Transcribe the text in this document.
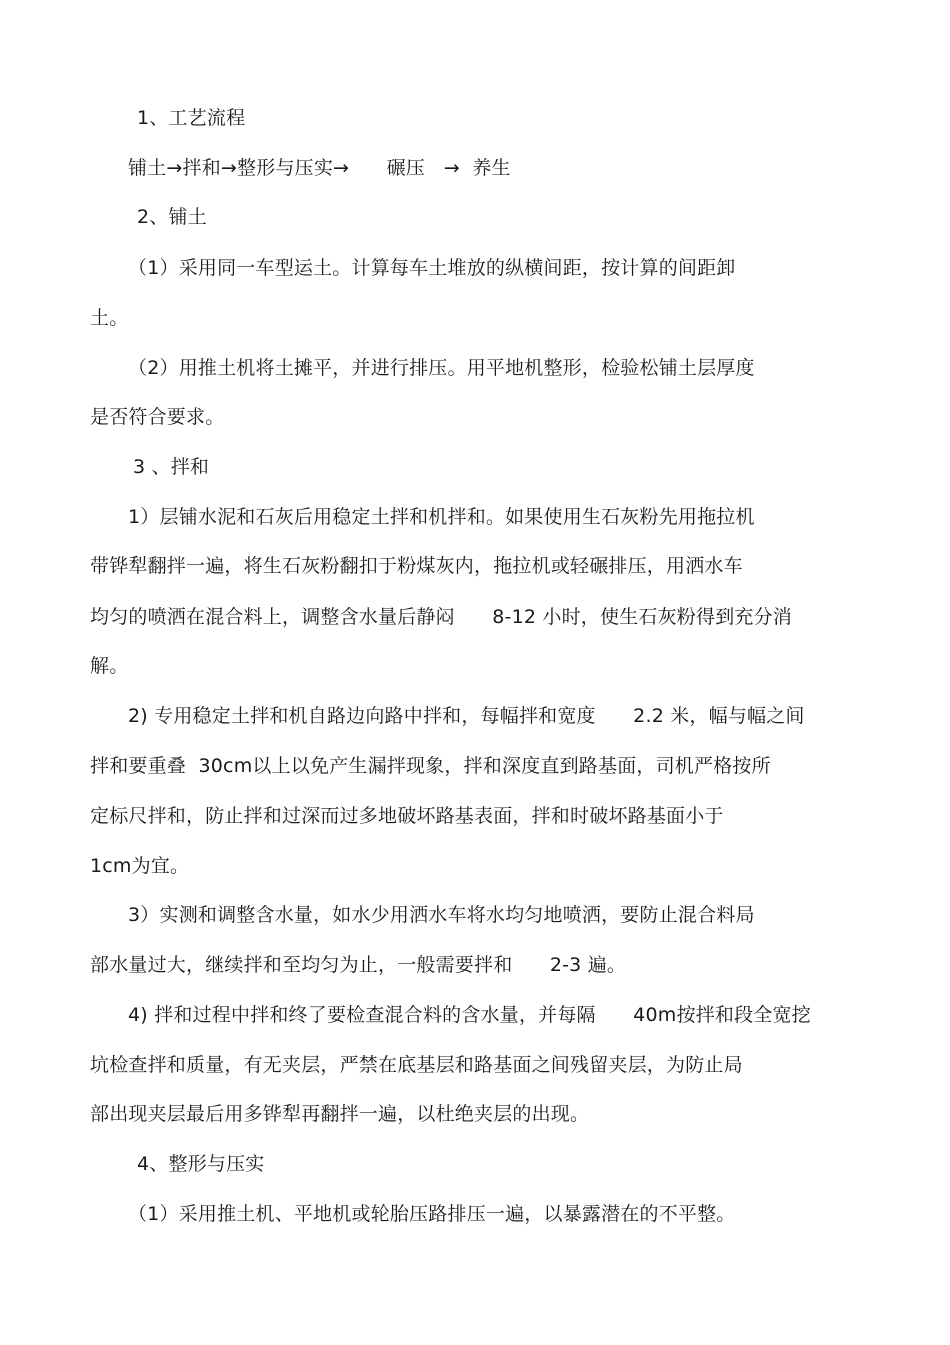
1、工艺流程
铺土→拌和→整形与压实→      碾压   →  养生
2、铺土
（1）采用同一车型运土。计算每车土堆放的纵横间距，按计算的间距卸
土。
（2）用推土机将土摊平，并进行排压。用平地机整形，检验松铺土层厚度
是否符合要求。
3 、拌和
1）层铺水泥和石灰后用稳定土拌和机拌和。如果使用生石灰粉先用拖拉机
带铧犁翻拌一遍，将生石灰粉翻扣于粉煤灰内，拖拉机或轻碾排压，用洒水车
均匀的喷洒在混合料上，调整含水量后静闷      8-12 小时，使生石灰粉得到充分消
解。
2) 专用稳定土拌和机自路边向路中拌和，每幅拌和宽度      2.2 米，幅与幅之间
拌和要重叠  30cm以上以免产生漏拌现象，拌和深度直到路基面，司机严格按所
定标尺拌和，防止拌和过深而过多地破坏路基表面，拌和时破坏路基面小于
1cm为宜。
3）实测和调整含水量，如水少用洒水车将水均匀地喷洒，要防止混合料局
部水量过大，继续拌和至均匀为止，一般需要拌和      2-3 遍。
4) 拌和过程中拌和终了要检查混合料的含水量，并每隔      40m按拌和段全宽挖
坑检查拌和质量，有无夹层，严禁在底基层和路基面之间残留夹层，为防止局
部出现夹层最后用多铧犁再翻拌一遍，以杜绝夹层的出现。
4、整形与压实
（1）采用推土机、平地机或轮胎压路排压一遍，以暴露潜在的不平整。
